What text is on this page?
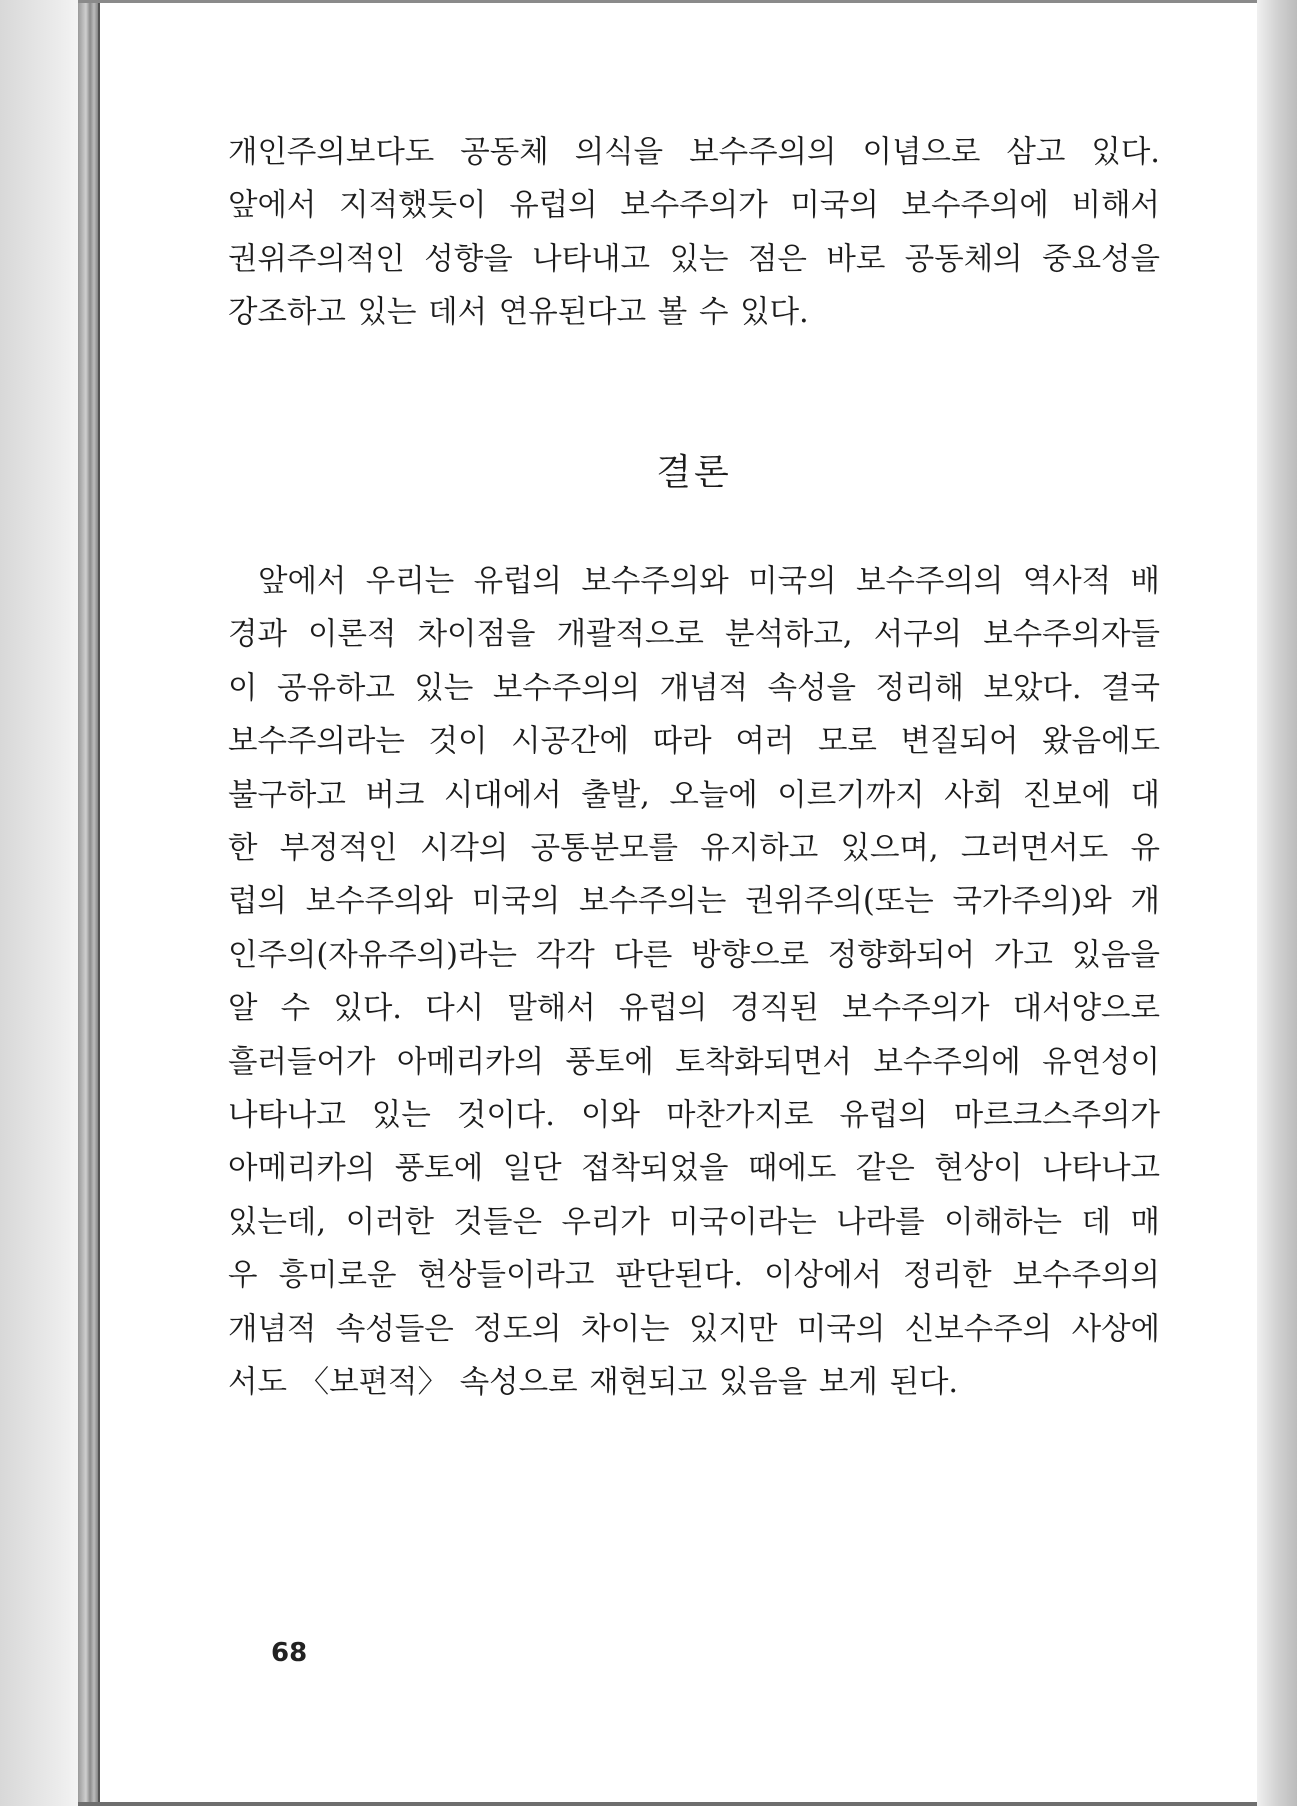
개인주의보다도 공동체 의식을 보수주의의 이념으로 삼고 있다.
앞에서 지적했듯이 유럽의 보수주의가 미국의 보수주의에 비해서
권위주의적인 성향을 나타내고 있는 점은 바로 공동체의 중요성을
강조하고 있는 데서 연유된다고 볼 수 있다.
결론
앞에서 우리는 유럽의 보수주의와 미국의 보수주의의 역사적 배
경과 이론적 차이점을 개괄적으로 분석하고, 서구의 보수주의자들
이 공유하고 있는 보수주의의 개념적 속성을 정리해 보았다. 결국
보수주의라는 것이 시공간에 따라 여러 모로 변질되어 왔음에도
불구하고 버크 시대에서 출발, 오늘에 이르기까지 사회 진보에 대
한 부정적인 시각의 공통분모를 유지하고 있으며, 그러면서도 유
럽의 보수주의와 미국의 보수주의는 권위주의(또는 국가주의)와 개
인주의(자유주의)라는 각각 다른 방향으로 정향화되어 가고 있음을
알 수 있다. 다시 말해서 유럽의 경직된 보수주의가 대서양으로
흘러들어가 아메리카의 풍토에 토착화되면서 보수주의에 유연성이
나타나고 있는 것이다. 이와 마찬가지로 유럽의 마르크스주의가
아메리카의 풍토에 일단 접착되었을 때에도 같은 현상이 나타나고
있는데, 이러한 것들은 우리가 미국이라는 나라를 이해하는 데 매
우 흥미로운 현상들이라고 판단된다. 이상에서 정리한 보수주의의
개념적 속성들은 정도의 차이는 있지만 미국의 신보수주의 사상에
서도 〈보편적〉 속성으로 재현되고 있음을 보게 된다.
68
